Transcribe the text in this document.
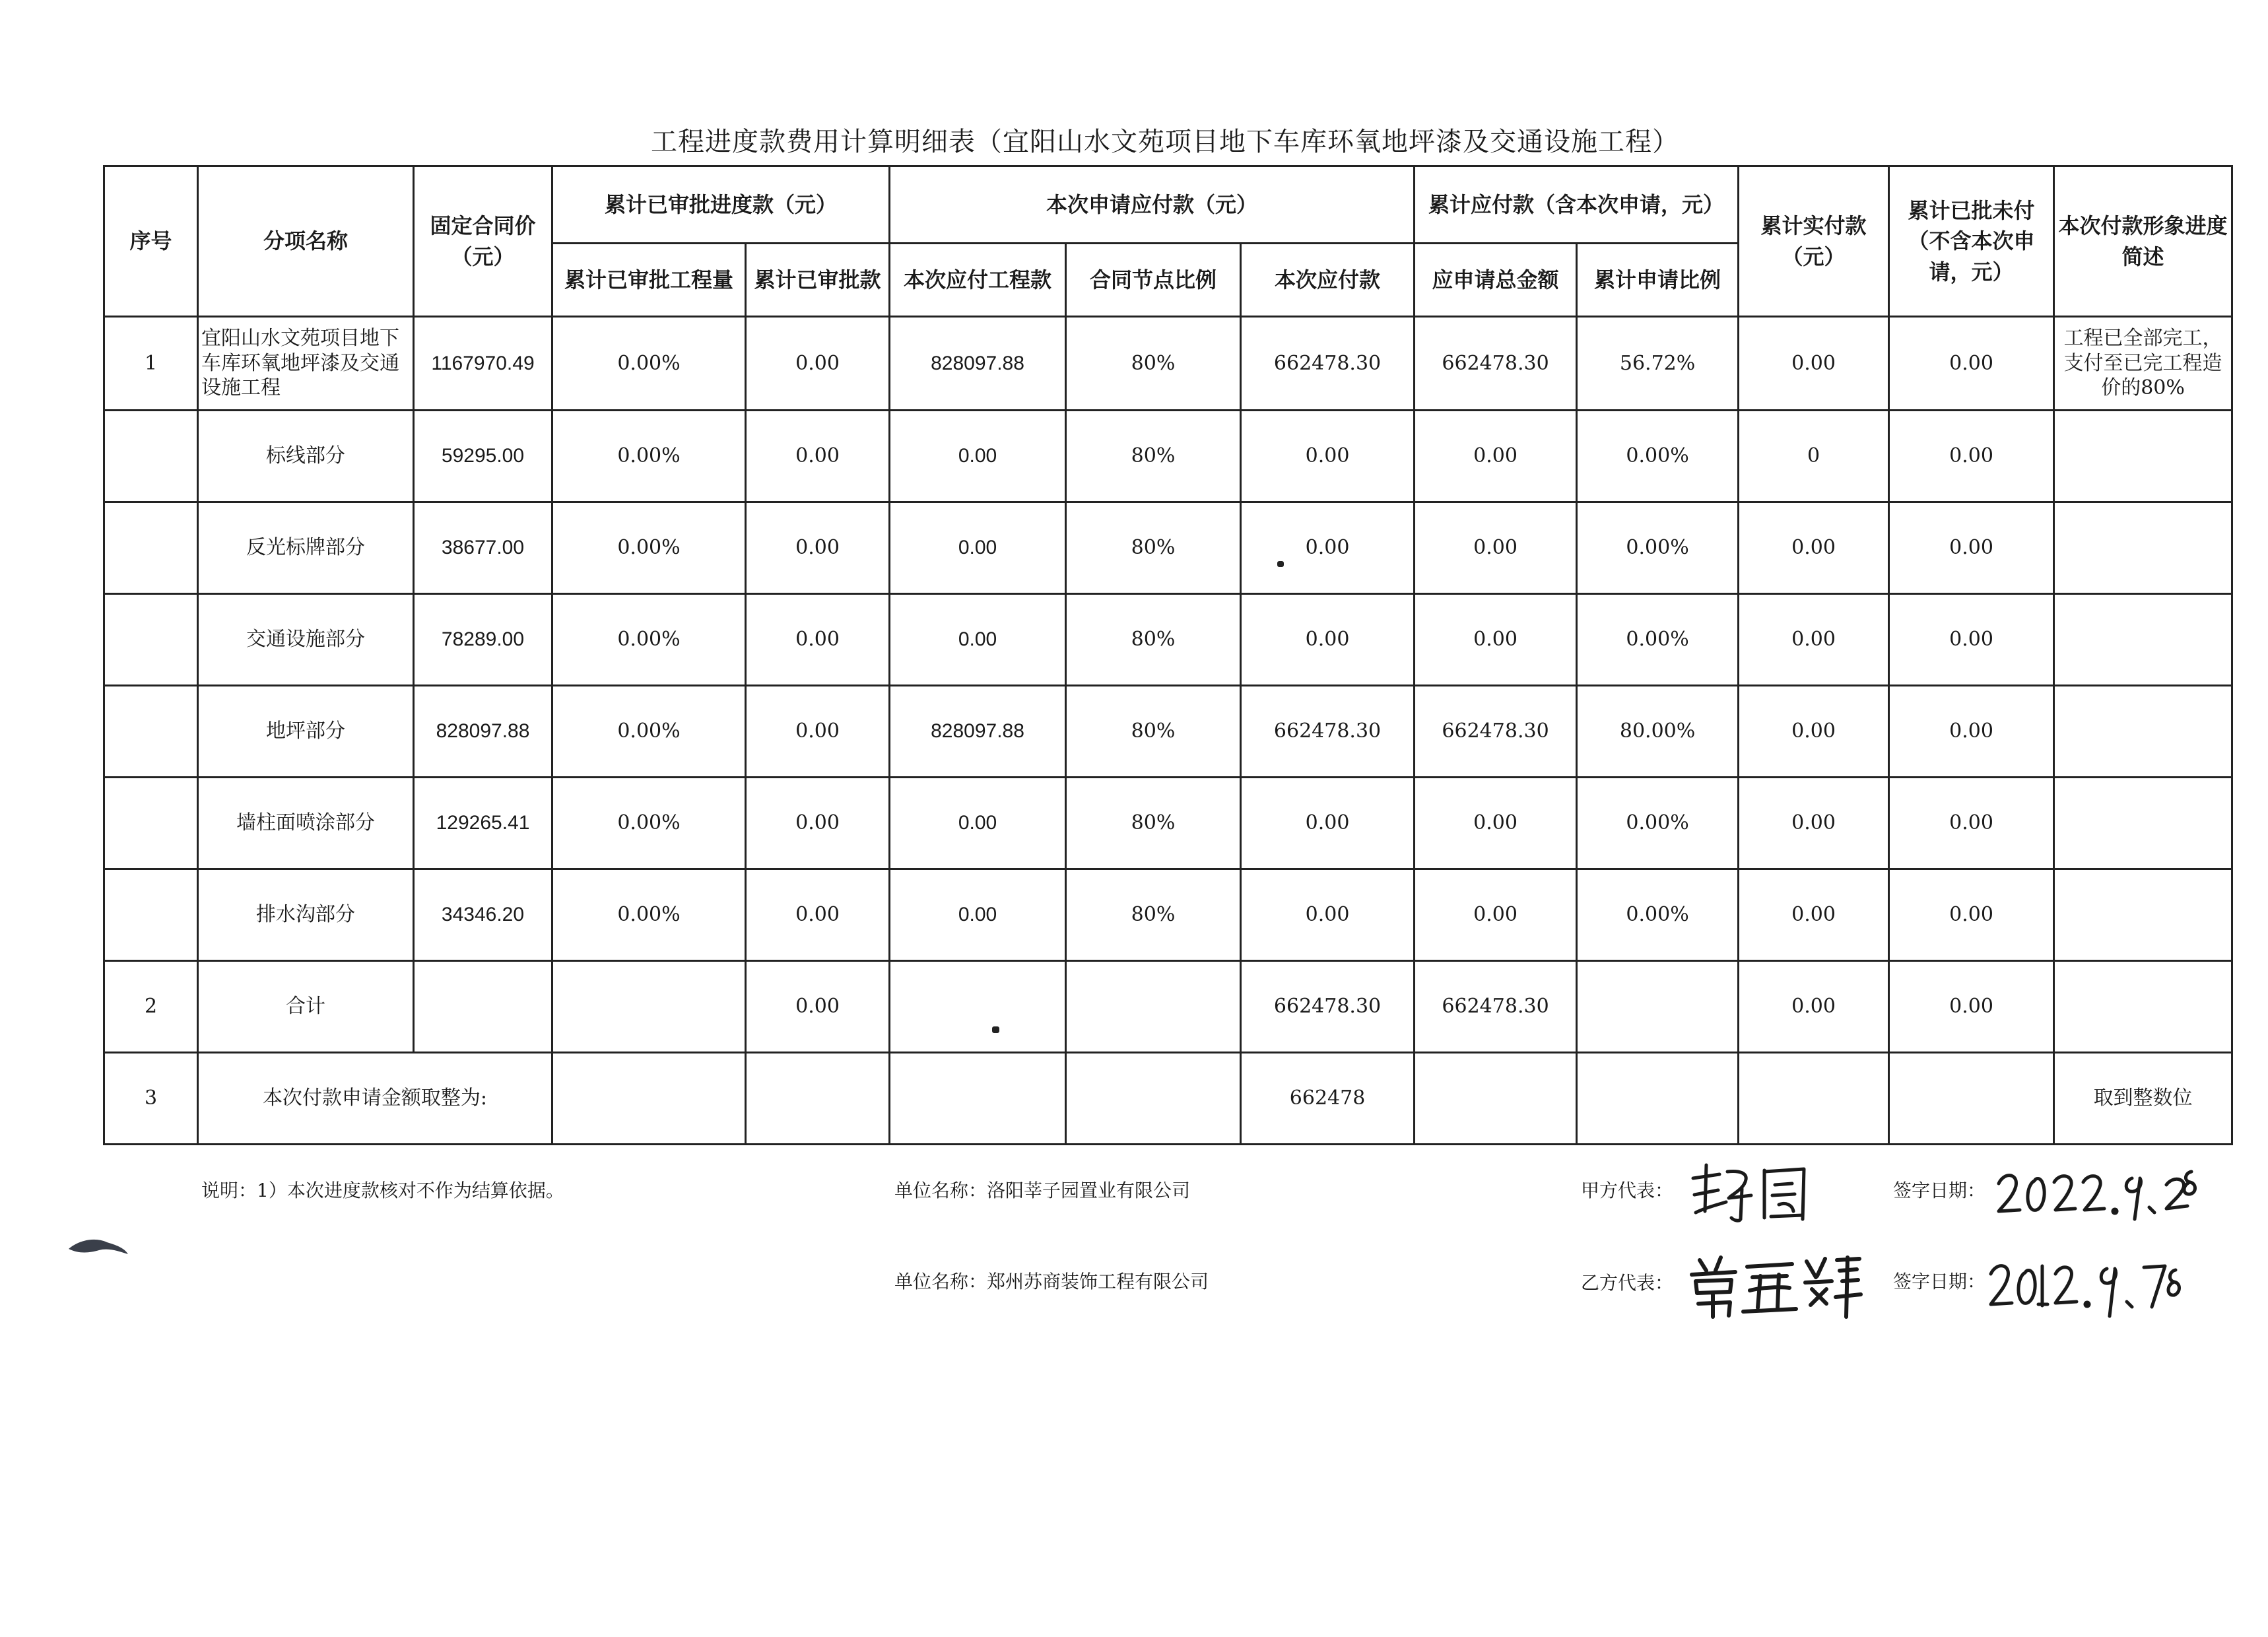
工程进度款费用计算明细表（宜阳山水文苑项目地下车库环氧地坪漆及交通设施工程）
序号	分项名称	固定合同价（元）	累计已审批进度款（元）		本次申请应付款（元）			累计应付款（含本次申请，元）		累计实付款（元）	累计已批未付（不含本次申请，元）	本次付款形象进度简述
			累计已审批工程量	累计已审批款	本次应付工程款	合同节点比例	本次应付款	应申请总金额	累计申请比例			
1	宜阳山水文苑项目地下车库环氧地坪漆及交通设施工程	1167970.49	0.00%	0.00	828097.88	80%	662478.30	662478.30	56.72%	0.00	0.00	工程已全部完工，支付至已完工程造价的80%
	标线部分	59295.00	0.00%	0.00	0.00	80%	0.00	0.00	0.00%	0	0.00	
	反光标牌部分	38677.00	0.00%	0.00	0.00	80%	0.00	0.00	0.00%	0.00	0.00	
	交通设施部分	78289.00	0.00%	0.00	0.00	80%	0.00	0.00	0.00%	0.00	0.00	
	地坪部分	828097.88	0.00%	0.00	828097.88	80%	662478.30	662478.30	80.00%	0.00	0.00	
	墙柱面喷涂部分	129265.41	0.00%	0.00	0.00	80%	0.00	0.00	0.00%	0.00	0.00	
	排水沟部分	34346.20	0.00%	0.00	0.00	80%	0.00	0.00	0.00%	0.00	0.00	
2	合计			0.00			662478.30	662478.30		0.00	0.00	
3	本次付款申请金额取整为:						662478					取到整数位
说明：1）本次进度款核对不作为结算依据。	单位名称：洛阳莘子园置业有限公司
单位名称：郑州苏商装饰工程有限公司
甲方代表：
乙方代表：
签字日期：
签字日期：
